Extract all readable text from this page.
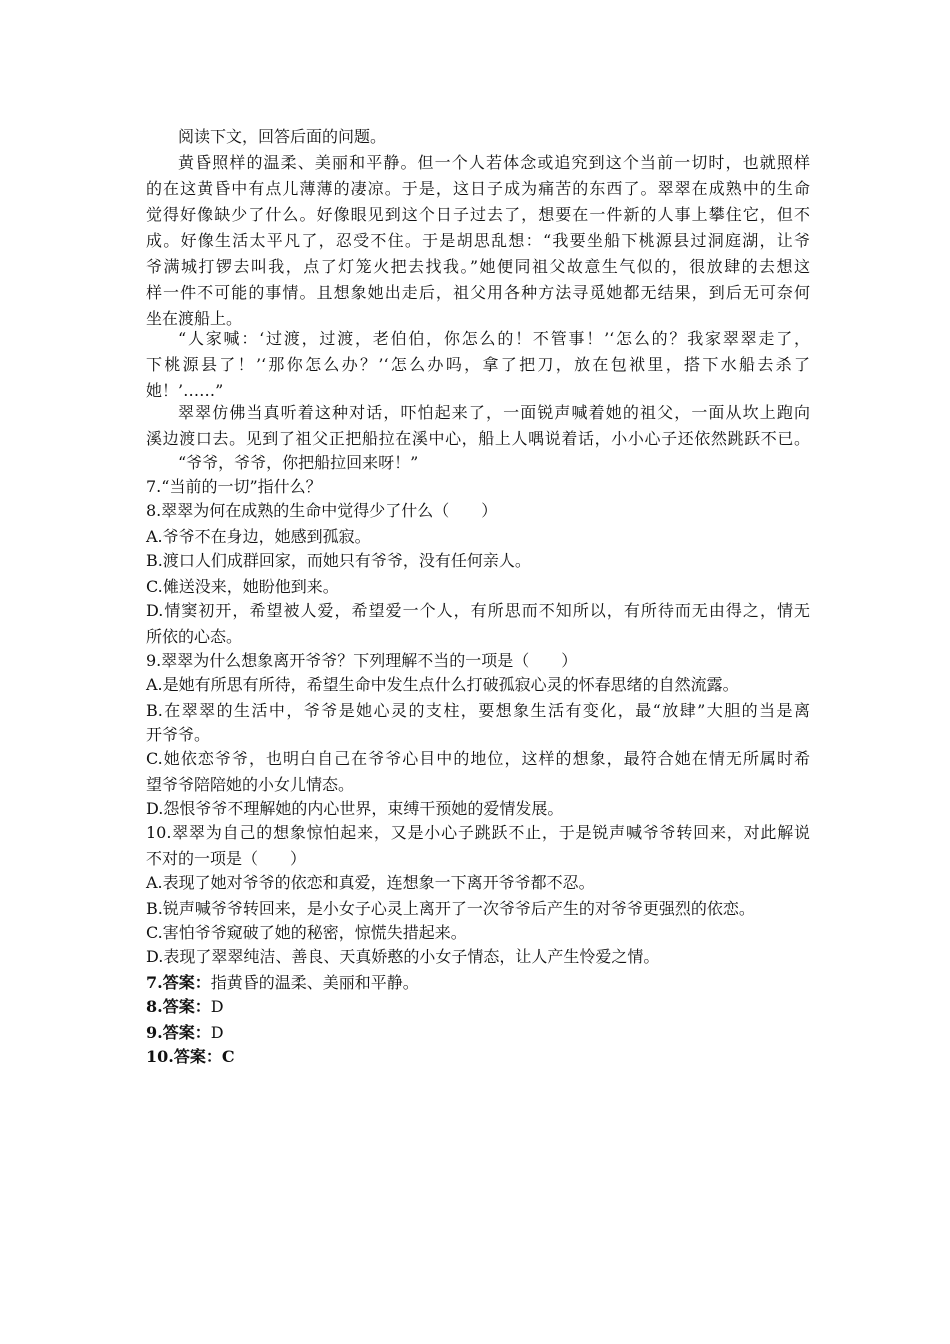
阅读下文，回答后面的问题。
黄昏照样的温柔、美丽和平静。但一个人若体念或追究到这个当前一切时，也就照样
的在这黄昏中有点儿薄薄的凄凉。于是，这日子成为痛苦的东西了。翠翠在成熟中的生命
觉得好像缺少了什么。好像眼见到这个日子过去了，想要在一件新的人事上攀住它，但不
成。好像生活太平凡了，忍受不住。于是胡思乱想：“我要坐船下桃源县过洞庭湖，让爷
爷满城打锣去叫我，点了灯笼火把去找我。”她便同祖父故意生气似的，很放肆的去想这
样一件不可能的事情。且想象她出走后，祖父用各种方法寻觅她都无结果，到后无可奈何
坐在渡船上。
“人家喊：‘过渡，过渡，老伯伯，你怎么的！不管事！’‘怎么的？我家翠翠走了，
下桃源县了！’‘那你怎么办？’‘怎么办吗，拿了把刀，放在包袱里，搭下水船去杀了
她！’……”
翠翠仿佛当真听着这种对话，吓怕起来了，一面锐声喊着她的祖父，一面从坎上跑向
溪边渡口去。见到了祖父正把船拉在溪中心，船上人喁说着话，小小心子还依然跳跃不已。
“爷爷，爷爷，你把船拉回来呀！”
7.“当前的一切”指什么？
8.翠翠为何在成熟的生命中觉得少了什么（　　）
A.爷爷不在身边，她感到孤寂。
B.渡口人们成群回家，而她只有爷爷，没有任何亲人。
C.傩送没来，她盼他到来。
D.情窦初开，希望被人爱，希望爱一个人，有所思而不知所以，有所待而无由得之，情无
所依的心态。
9.翠翠为什么想象离开爷爷？下列理解不当的一项是（　　）
A.是她有所思有所待，希望生命中发生点什么打破孤寂心灵的怀春思绪的自然流露。
B.在翠翠的生活中，爷爷是她心灵的支柱，要想象生活有变化，最“放肆”大胆的当是离
开爷爷。
C.她依恋爷爷，也明白自己在爷爷心目中的地位，这样的想象，最符合她在情无所属时希
望爷爷陪陪她的小女儿情态。
D.怨恨爷爷不理解她的内心世界，束缚干预她的爱情发展。
10.翠翠为自己的想象惊怕起来，又是小心子跳跃不止，于是锐声喊爷爷转回来，对此解说
不对的一项是（　　）
A.表现了她对爷爷的依恋和真爱，连想象一下离开爷爷都不忍。
B.锐声喊爷爷转回来，是小女子心灵上离开了一次爷爷后产生的对爷爷更强烈的依恋。
C.害怕爷爷窥破了她的秘密，惊慌失措起来。
D.表现了翠翠纯洁、善良、天真娇憨的小女子情态，让人产生怜爱之情。
7.答案：指黄昏的温柔、美丽和平静。
8.答案：D
9.答案：D
10.答案：C
